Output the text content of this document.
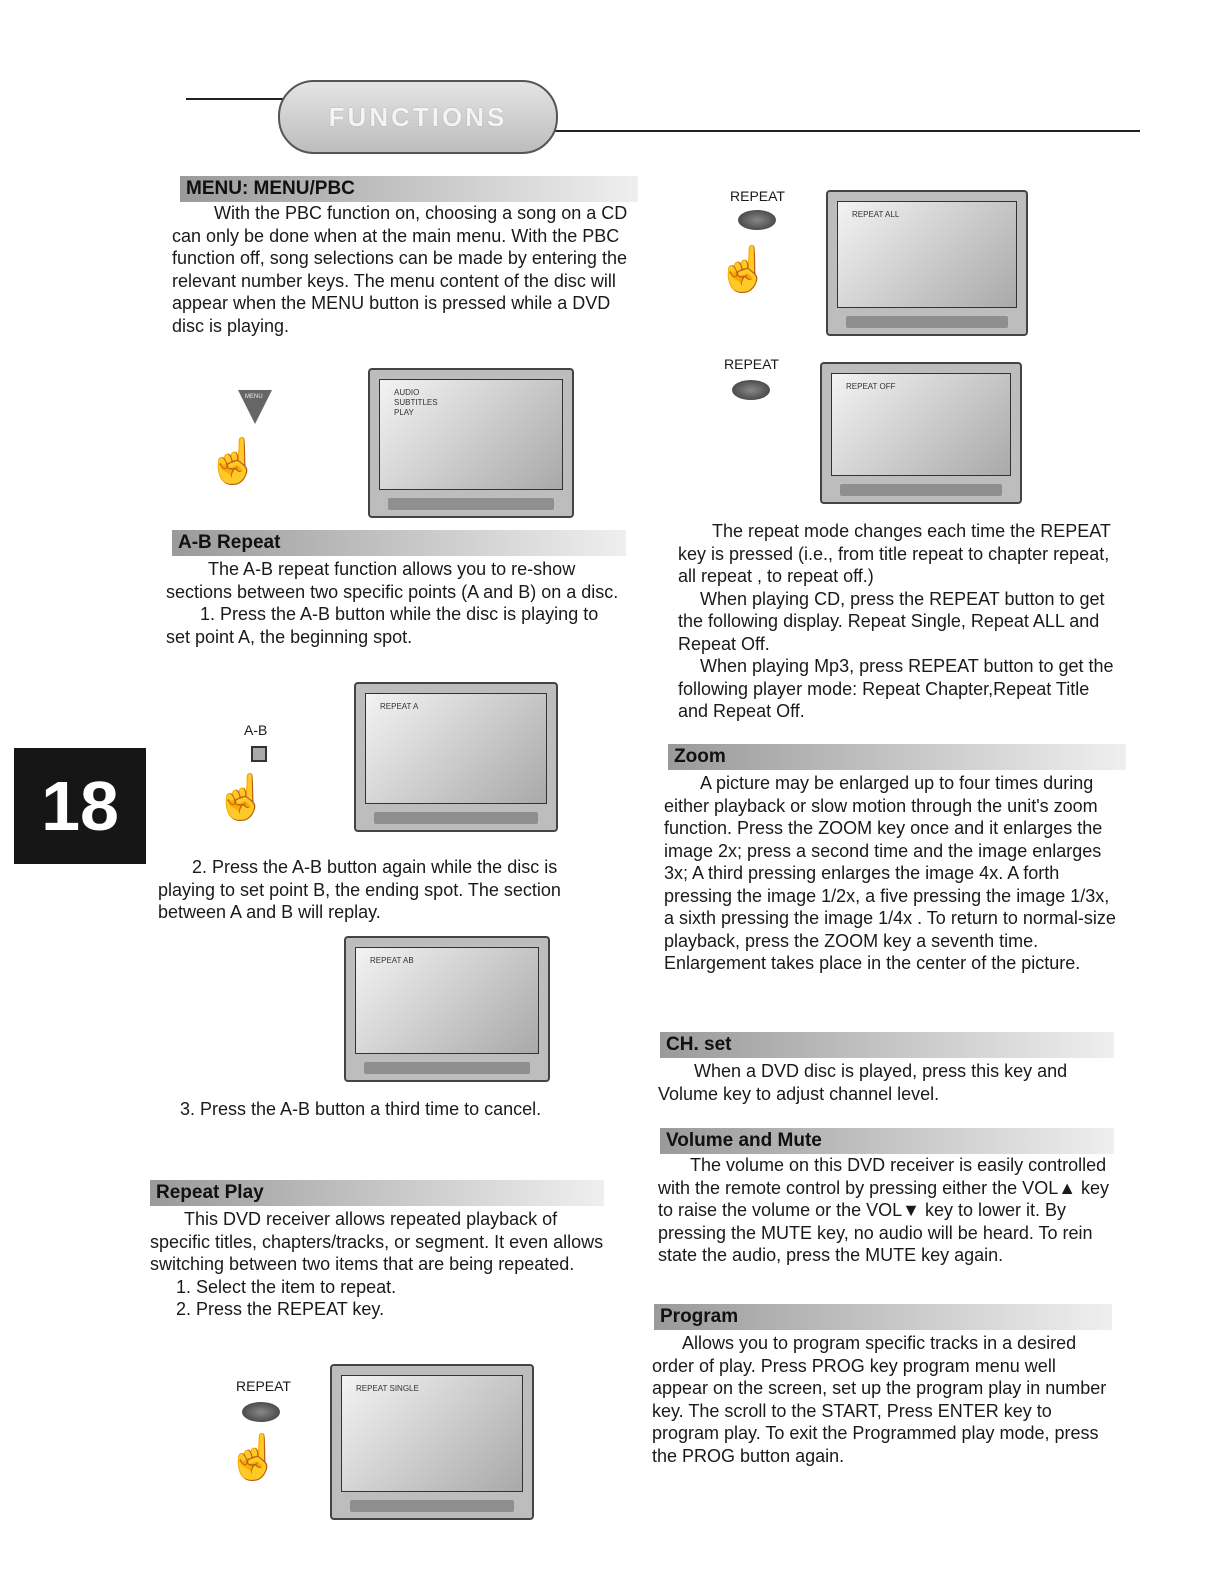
FUNCTIONS
18
MENU: MENU/PBC

With the PBC function on, choosing a song on a CD can only be done when at the main menu. With the PBC function off, song selections can be made by entering the relevant number keys. The menu content of the disc will appear when the MENU button is pressed while a DVD disc is playing.

MENU
☝
AUDIO
SUBTITLES
PLAY
A-B Repeat

The A-B repeat function allows you to re-show sections between two specific points (A and B) on a disc.

1. Press the A-B button while the disc is playing to set point A, the beginning spot.

A-B
☝
REPEAT A

2. Press the A-B button again while the disc is playing to set point B, the ending spot. The section between A and B will replay.

REPEAT AB

3. Press the A-B button a third time to cancel.

Repeat Play

This DVD receiver allows repeated playback of specific titles, chapters/tracks, or segment. It even allows switching between two items that are being repeated.

1. Select the item to repeat.

2. Press the REPEAT key.

REPEAT
☝
REPEAT SINGLE
REPEAT
☝
REPEAT ALL
REPEAT
REPEAT OFF

The repeat mode changes each time the REPEAT key is pressed (i.e., from title repeat to chapter repeat, all repeat , to repeat off.)

When playing CD, press the REPEAT button to get the following display. Repeat Single, Repeat ALL and Repeat Off.

When playing Mp3, press REPEAT button to get the following player mode: Repeat Chapter,Repeat Title and Repeat Off.

Zoom

A picture may be enlarged up to four times during either playback or slow motion through the unit's zoom function. Press the ZOOM key once and it enlarges the image 2x; press a second time and the image enlarges 3x; A third pressing enlarges the image 4x. A forth pressing the image 1/2x, a five pressing the image 1/3x, a sixth pressing the image 1/4x . To return to normal-size playback, press the ZOOM key a seventh time. Enlargement takes place in the center of the picture.

CH. set

When a DVD disc is played, press this key and Volume key to adjust channel level.

Volume and Mute

The volume on this DVD receiver is easily controlled with the remote control by pressing either the VOL▲ key to raise the volume or the VOL▼ key to lower it. By pressing the MUTE key, no audio will be heard. To rein state the audio, press the MUTE key again.

Program

Allows you to program specific tracks in a desired order of play. Press PROG key program menu well appear on the screen, set up the program play in number key. The scroll to the START, Press ENTER key to program play. To exit the Programmed play mode, press the PROG button again.
